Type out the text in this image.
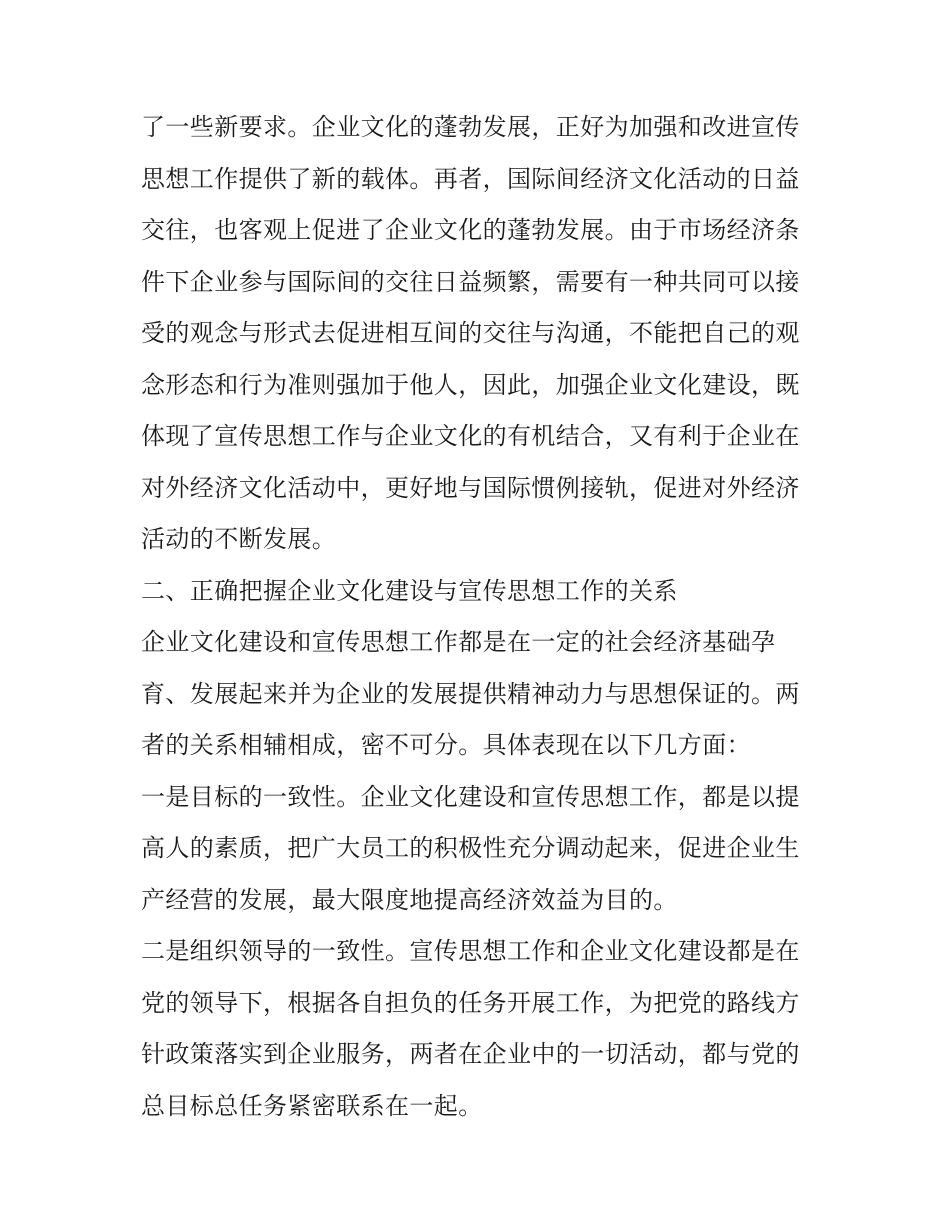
了一些新要求。企业文化的蓬勃发展，正好为加强和改进宣传
思想工作提供了新的载体。再者，国际间经济文化活动的日益
交往，也客观上促进了企业文化的蓬勃发展。由于市场经济条
件下企业参与国际间的交往日益频繁，需要有一种共同可以接
受的观念与形式去促进相互间的交往与沟通，不能把自己的观
念形态和行为准则强加于他人，因此，加强企业文化建设，既
体现了宣传思想工作与企业文化的有机结合，又有利于企业在
对外经济文化活动中，更好地与国际惯例接轨，促进对外经济
活动的不断发展。
二、正确把握企业文化建设与宣传思想工作的关系
企业文化建设和宣传思想工作都是在一定的社会经济基础孕
育、发展起来并为企业的发展提供精神动力与思想保证的。两
者的关系相辅相成，密不可分。具体表现在以下几方面：
一是目标的一致性。企业文化建设和宣传思想工作，都是以提
高人的素质，把广大员工的积极性充分调动起来，促进企业生
产经营的发展，最大限度地提高经济效益为目的。
二是组织领导的一致性。宣传思想工作和企业文化建设都是在
党的领导下，根据各自担负的任务开展工作，为把党的路线方
针政策落实到企业服务，两者在企业中的一切活动，都与党的
总目标总任务紧密联系在一起。
